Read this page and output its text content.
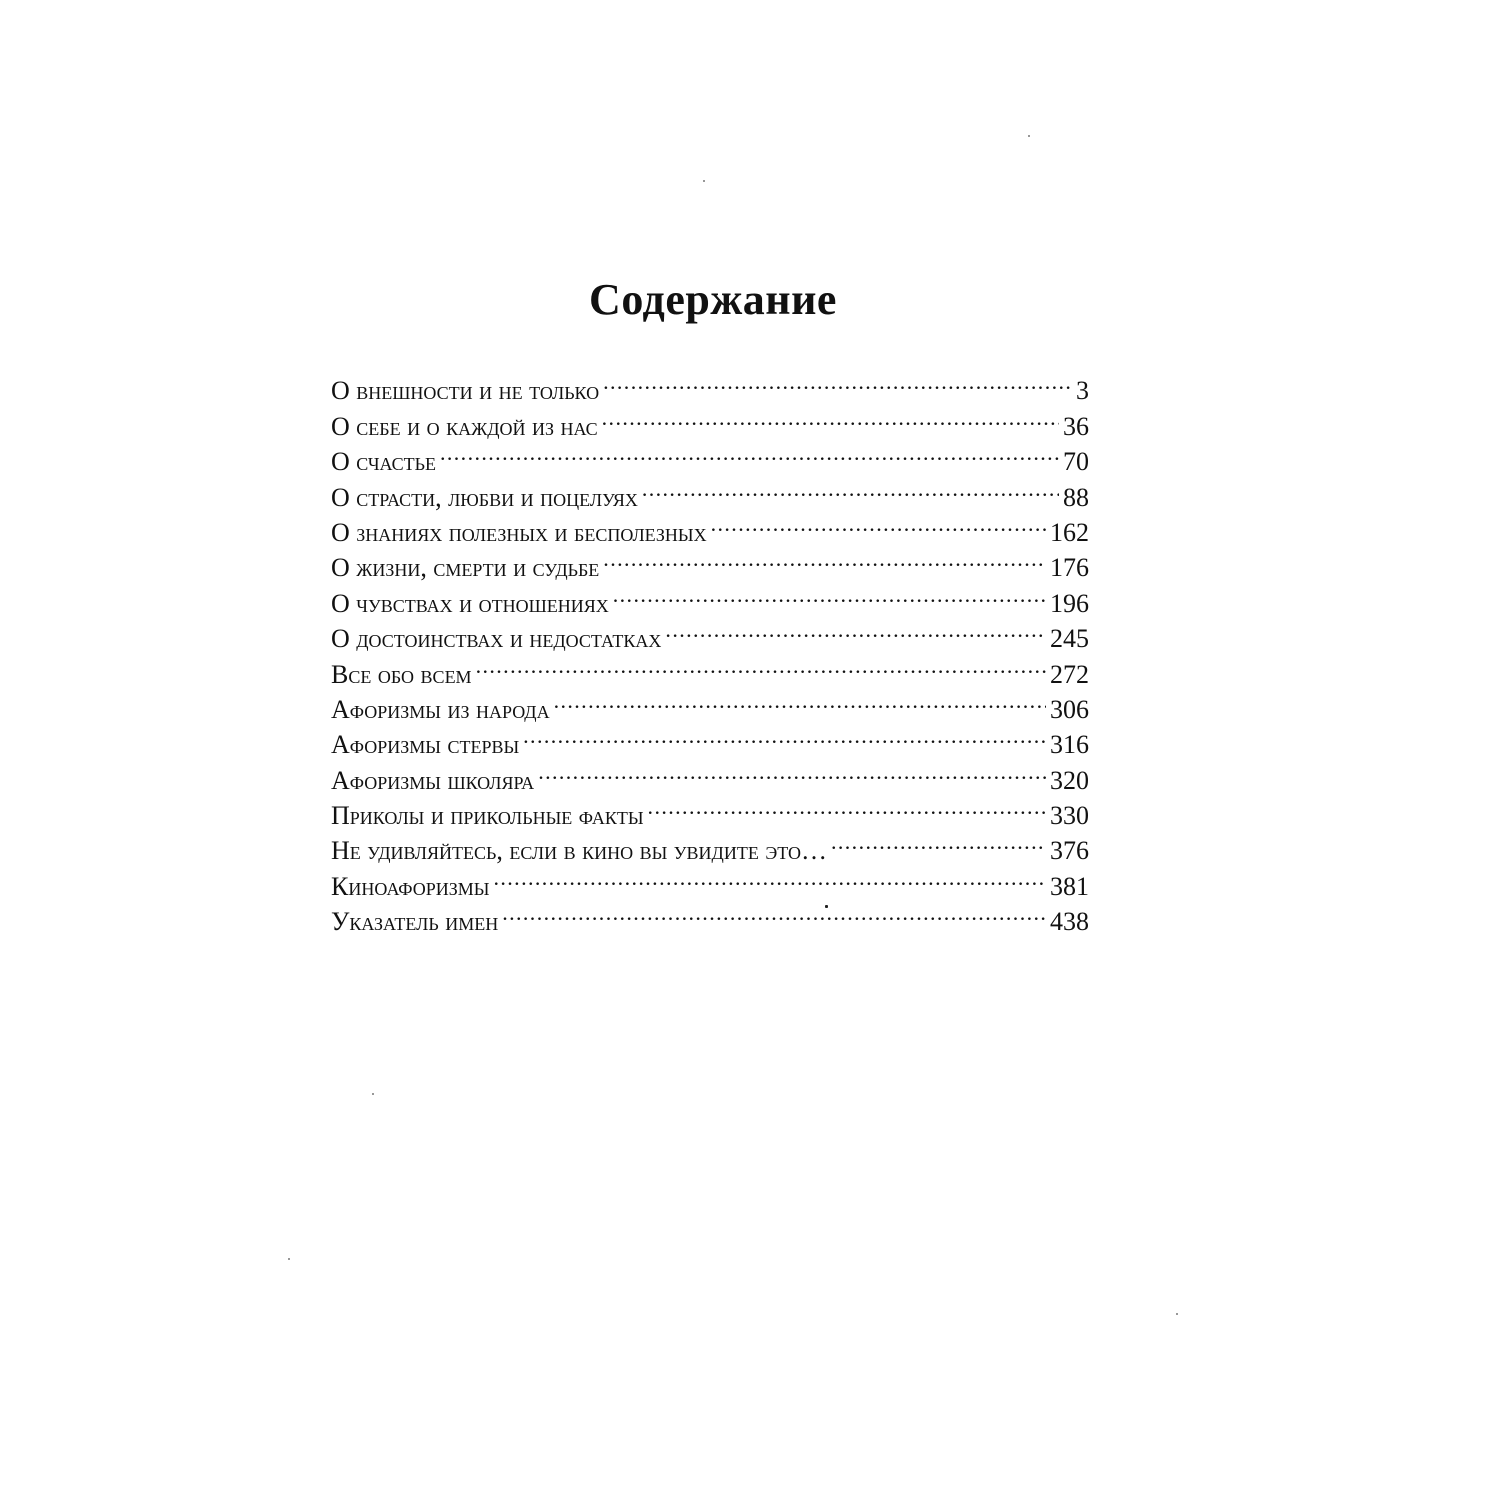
Содержание
О внешности и не только .....	3
О себе и о каждой из нас .....	36
О счастье .....	70
О страсти, любви и поцелуях .....	88
О знаниях полезных и бесполезных .....	162
О жизни, смерти и судьбе .....	176
О чувствах и отношениях .....	196
О достоинствах и недостатках .....	245
Все обо всем .....	272
Афоризмы из народа .....	306
Афоризмы стервы .....	316
Афоризмы школяра .....	320
Приколы и прикольные факты .....	330
Не удивляйтесь, если в кино вы увидите это… .....	376
Киноафоризмы .....	381
Указатель имен .....	438
